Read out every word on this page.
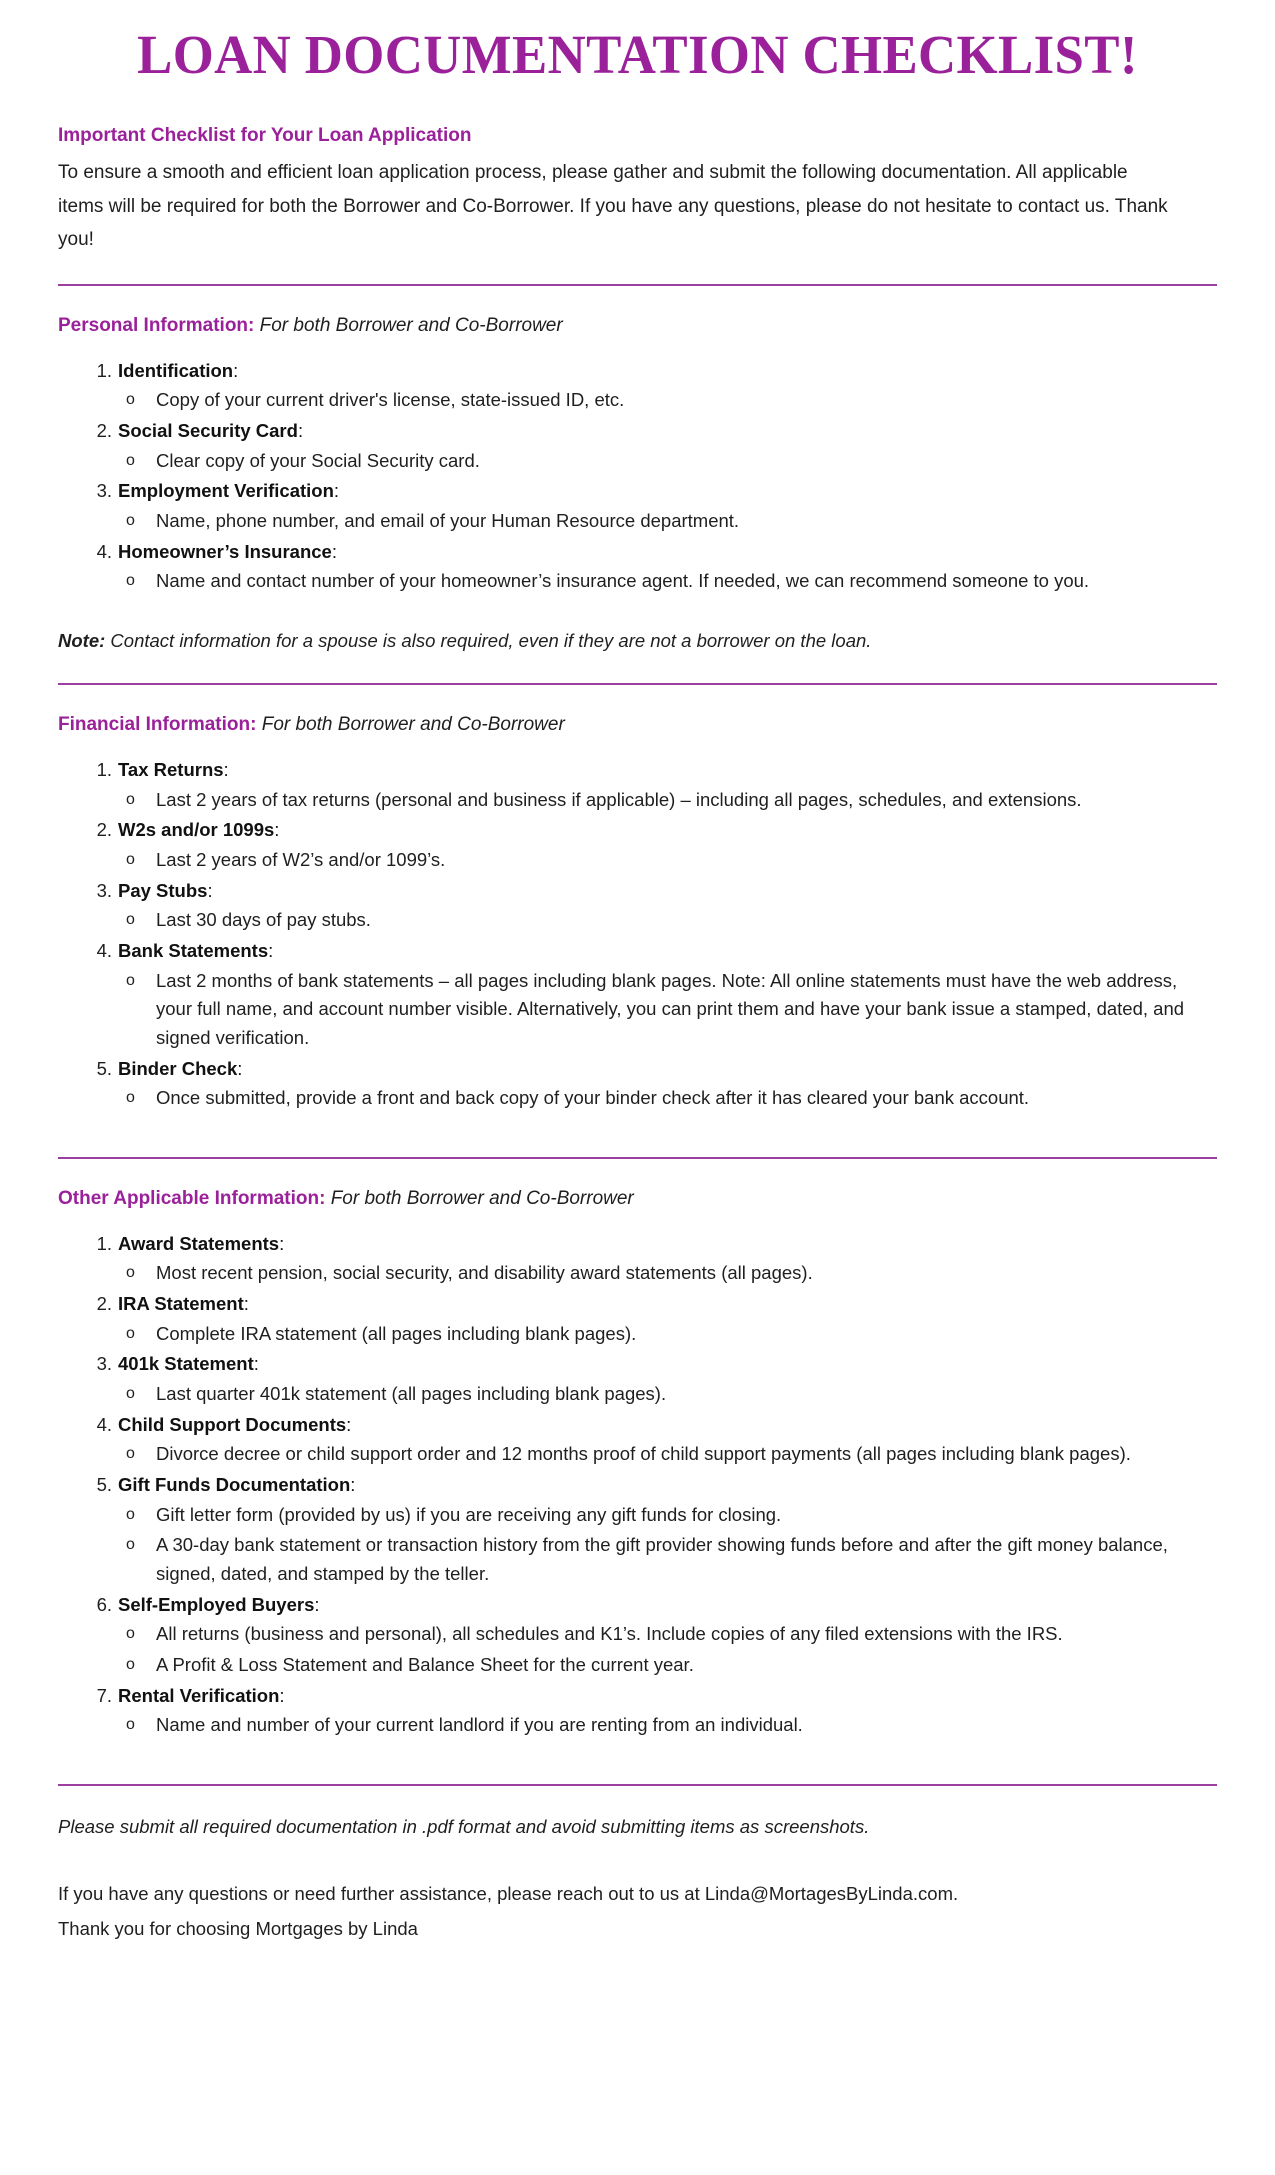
LOAN DOCUMENTATION CHECKLIST!
Important Checklist for Your Loan Application

To ensure a smooth and efficient loan application process, please gather and submit the following documentation. All applicable items will be required for both the Borrower and Co-Borrower. If you have any questions, please do not hesitate to contact us. Thank you!

Personal Information: For both Borrower and Co-Borrower
Identification:
o Copy of your current driver's license, state-issued ID, etc.
Social Security Card:
o Clear copy of your Social Security card.
Employment Verification:
o Name, phone number, and email of your Human Resource department.
Homeowner’s Insurance:
o Name and contact number of your homeowner’s insurance agent. If needed, we can recommend someone to you.
Note: Contact information for a spouse is also required, even if they are not a borrower on the loan.
Financial Information: For both Borrower and Co-Borrower
Tax Returns:
o Last 2 years of tax returns (personal and business if applicable) – including all pages, schedules, and extensions.
W2s and/or 1099s:
o Last 2 years of W2’s and/or 1099’s.
Pay Stubs:
o Last 30 days of pay stubs.
Bank Statements:
o Last 2 months of bank statements – all pages including blank pages. Note: All online statements must have the web address, your full name, and account number visible. Alternatively, you can print them and have your bank issue a stamped, dated, and signed verification.
Binder Check:
o Once submitted, provide a front and back copy of your binder check after it has cleared your bank account.
Other Applicable Information: For both Borrower and Co-Borrower
Award Statements:
o Most recent pension, social security, and disability award statements (all pages).
IRA Statement:
o Complete IRA statement (all pages including blank pages).
401k Statement:
o Last quarter 401k statement (all pages including blank pages).
Child Support Documents:
o Divorce decree or child support order and 12 months proof of child support payments (all pages including blank pages).
Gift Funds Documentation:
o Gift letter form (provided by us) if you are receiving any gift funds for closing.
o A 30-day bank statement or transaction history from the gift provider showing funds before and after the gift money balance, signed, dated, and stamped by the teller.
Self-Employed Buyers:
o All returns (business and personal), all schedules and K1’s. Include copies of any filed extensions with the IRS.
o A Profit & Loss Statement and Balance Sheet for the current year.
Rental Verification:
o Name and number of your current landlord if you are renting from an individual.
Please submit all required documentation in .pdf format and avoid submitting items as screenshots.
If you have any questions or need further assistance, please reach out to us at Linda@MortagesByLinda.com.
Thank you for choosing Mortgages by Linda
